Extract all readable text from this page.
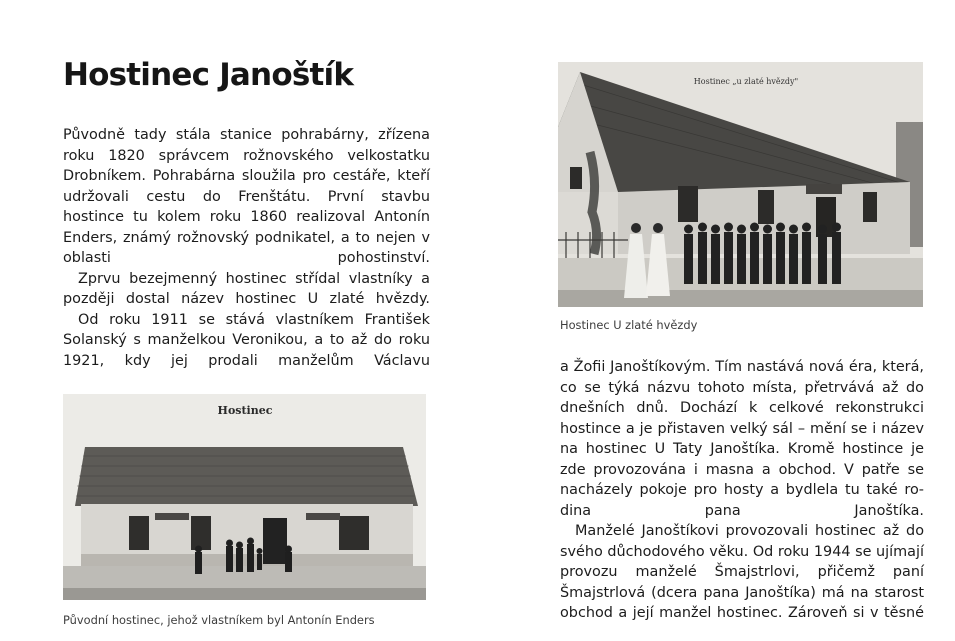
Hostinec Janoštík

Původně tady stála stanice pohrabárny, zřízena roku 1820 správcem rožnovského velkostatku Drobníkem. Pohrabárna sloužila pro cestáře, kteří udržovali cestu do Frenštátu. První stavbu hostince tu kolem roku 1860 realizoval Antonín Enders, známý rožnovský podnikatel, a to nejen v oblasti pohostinství.

Zprvu bezejmenný hostinec střídal vlastníky a později dostal název hostinec U zlaté hvězdy.

Od roku 1911 se stává vlastníkem František Solanský s manželkou Veronikou, a to až do roku 1921, kdy jej prodali manželům Václavu

Hostinec
Původní hostinec, jehož vlastníkem byl Antonín Enders
Hostinec „u zlaté hvězdy"
Hostinec U zlaté hvězdy

a Žofii Janoštíkovým. Tím nastává nová éra, která, co se týká názvu tohoto místa, přetrvává až do dnešních dnů. Dochází k celkové rekonstrukci hostince a je přistaven velký sál – mění se i název na hostinec U Taty Janoštíka. Kromě hostince je zde provozována i masna a obchod. V patře se nacházely pokoje pro hosty a bydlela tu také rodina pana Janoštíka.

Manželé Janoštíkovi provozovali hostinec až do svého důchodového věku. Od roku 1944 se ujímají provozu manželé Šmajstrlovi, přičemž paní Šmajstrlová (dcera pana Janoštíka) má na starost obchod a její manžel hostinec. Zároveň si v těsné
